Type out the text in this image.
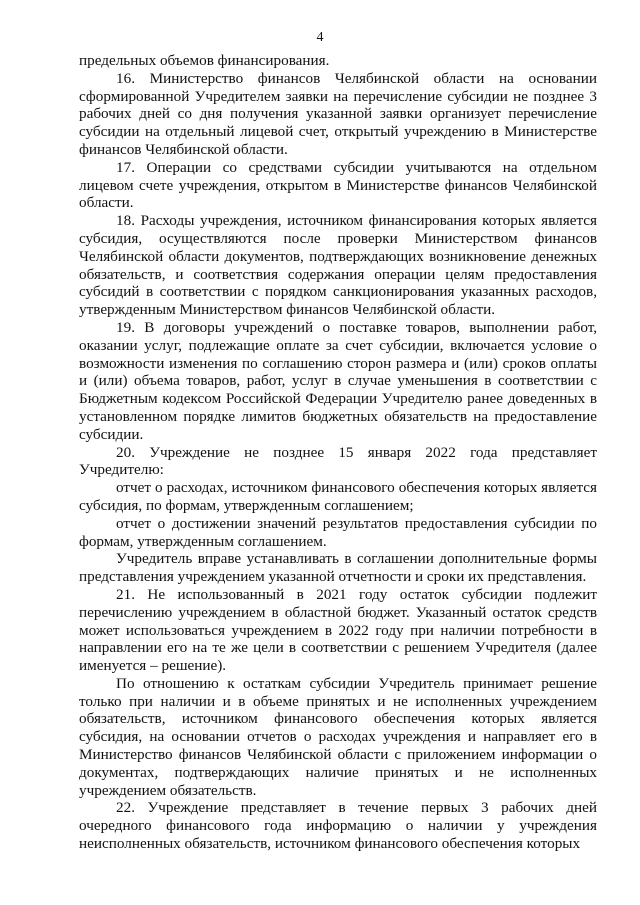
4

предельных объемов финансирования.

16. Министерство финансов Челябинской области на основании сформированной Учредителем заявки на перечисление субсидии не позднее 3 рабочих дней со дня получения указанной заявки организует перечисление субсидии на отдельный лицевой счет, открытый учреждению в Министерстве финансов Челябинской области.

17. Операции со средствами субсидии учитываются на отдельном лицевом счете учреждения, открытом в Министерстве финансов Челябинской области.

18. Расходы учреждения, источником финансирования которых является субсидия, осуществляются после проверки Министерством финансов Челябинской области документов, подтверждающих возникновение денежных обязательств, и соответствия содержания операции целям предоставления субсидий в соответствии с порядком санкционирования указанных расходов, утвержденным Министерством финансов Челябинской области.

19. В договоры учреждений о поставке товаров, выполнении работ, оказании услуг, подлежащие оплате за счет субсидии, включается условие о возможности изменения по соглашению сторон размера и (или) сроков оплаты и (или) объема товаров, работ, услуг в случае уменьшения в соответствии с Бюджетным кодексом Российской Федерации Учредителю ранее доведенных в установленном порядке лимитов бюджетных обязательств на предоставление субсидии.

20. Учреждение не позднее 15 января 2022 года представляет Учредителю:

отчет о расходах, источником финансового обеспечения которых является субсидия, по формам, утвержденным соглашением;

отчет о достижении значений результатов предоставления субсидии по формам, утвержденным соглашением.

Учредитель вправе устанавливать в соглашении дополнительные формы представления учреждением указанной отчетности и сроки их представления.

21. Не использованный в 2021 году остаток субсидии подлежит перечислению учреждением в областной бюджет. Указанный остаток средств может использоваться учреждением в 2022 году при наличии потребности в направлении его на те же цели в соответствии с решением Учредителя (далее именуется – решение).

По отношению к остаткам субсидии Учредитель принимает решение только при наличии и в объеме принятых и не исполненных учреждением обязательств, источником финансового обеспечения которых является субсидия, на основании отчетов о расходах учреждения и направляет его в Министерство финансов Челябинской области с приложением информации о документах, подтверждающих наличие принятых и не исполненных учреждением обязательств.

22. Учреждение представляет в течение первых 3 рабочих дней очередного финансового года информацию о наличии у учреждения неисполненных обязательств, источником финансового обеспечения которых
